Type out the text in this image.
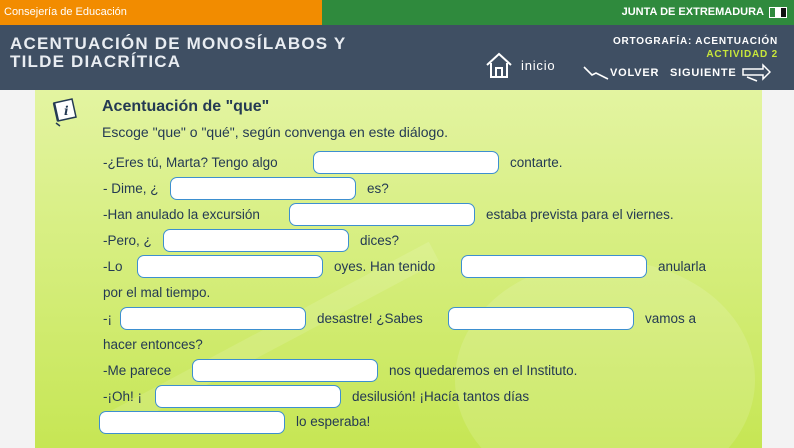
Consejería de Educación	JUNTA DE EXTREMADURA
ACENTUACIÓN DE MONOSÍLABOS Y
TILDE DIACRÍTICA
ORTOGRAFÍA: ACENTUACIÓN
ACTIVIDAD 2
inicio
VOLVER SIGUIENTE
i Acentuación de "que"
Escoge "que" o "qué", según convenga en este diálogo.
-¿Eres tú, Marta? Tengo algo	contarte.
- Dime, ¿	es?
-Han anulado la excursión	estaba prevista para el viernes.
-Pero, ¿	dices?
-Lo	oyes. Han tenido	anularla
por el mal tiempo.
-¡	desastre! ¿Sabes	vamos a
hacer entonces?
-Me parece	nos quedaremos en el Instituto.
-¡Oh! ¡	desilusión! ¡Hacía tantos días
lo esperaba!
